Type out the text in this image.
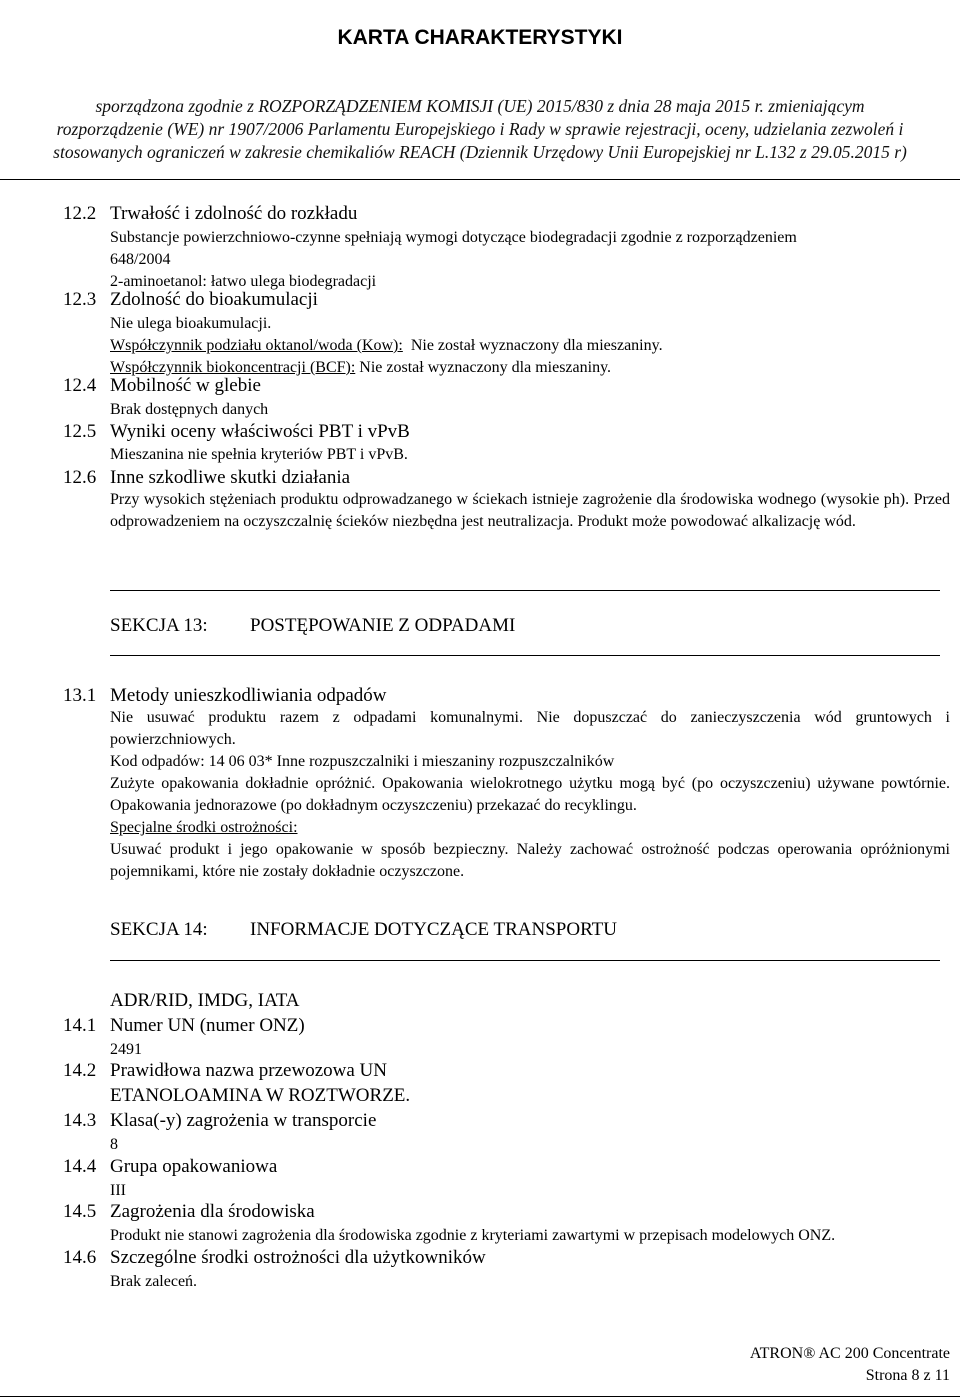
KARTA CHARAKTERYSTYKI
sporządzona zgodnie z ROZPORZĄDZENIEM KOMISJI (UE) 2015/830 z dnia 28 maja 2015 r. zmieniającym
rozporządzenie (WE) nr 1907/2006 Parlamentu Europejskiego i Rady w sprawie rejestracji, oceny, udzielania zezwoleń i
stosowanych ograniczeń w zakresie chemikaliów REACH (Dziennik Urzędowy Unii Europejskiej nr L.132 z 29.05.2015 r)
12.2 Trwałość i zdolność do rozkładu
Substancje powierzchniowo-czynne spełniają wymogi dotyczące biodegradacji zgodnie z rozporządzeniem
648/2004
2-aminoetanol: łatwo ulega biodegradacji
12.3 Zdolność do bioakumulacji
Nie ulega bioakumulacji.
Współczynnik podziału oktanol/woda (Kow): Nie został wyznaczony dla mieszaniny.
Współczynnik biokoncentracji (BCF): Nie został wyznaczony dla mieszaniny.
12.4 Mobilność w glebie
Brak dostępnych danych
12.5 Wyniki oceny właściwości PBT i vPvB
Mieszanina nie spełnia kryteriów PBT i vPvB.
12.6 Inne szkodliwe skutki działania
Przy wysokich stężeniach produktu odprowadzanego w ściekach istnieje zagrożenie dla środowiska wodnego (wysokie ph). Przed odprowadzeniem na oczyszczalnię ścieków niezbędna jest neutralizacja. Produkt może powodować alkalizację wód.
SEKCJA 13: POSTĘPOWANIE Z ODPADAMI
13.1 Metody unieszkodliwiania odpadów
Nie usuwać produktu razem z odpadami komunalnymi. Nie dopuszczać do zanieczyszczenia wód gruntowych i powierzchniowych.
Kod odpadów: 14 06 03* Inne rozpuszczalniki i mieszaniny rozpuszczalników
Zużyte opakowania dokładnie opróżnić. Opakowania wielokrotnego użytku mogą być (po oczyszczeniu) używane powtórnie. Opakowania jednorazowe (po dokładnym oczyszczeniu) przekazać do recyklingu.
Specjalne środki ostrożności:
Usuwać produkt i jego opakowanie w sposób bezpieczny. Należy zachować ostrożność podczas operowania opróżnionymi pojemnikami, które nie zostały dokładnie oczyszczone.
SEKCJA 14: INFORMACJE DOTYCZĄCE TRANSPORTU
ADR/RID, IMDG, IATA
14.1 Numer UN (numer ONZ)
2491
14.2 Prawidłowa nazwa przewozowa UN
ETANOLOAMINA W ROZTWORZE.
14.3 Klasa(-y) zagrożenia w transporcie
8
14.4 Grupa opakowaniowa
III
14.5 Zagrożenia dla środowiska
Produkt nie stanowi zagrożenia dla środowiska zgodnie z kryteriami zawartymi w przepisach modelowych ONZ.
14.6 Szczególne środki ostrożności dla użytkowników
Brak zaleceń.
ATRON® AC 200 Concentrate
Strona 8 z 11
